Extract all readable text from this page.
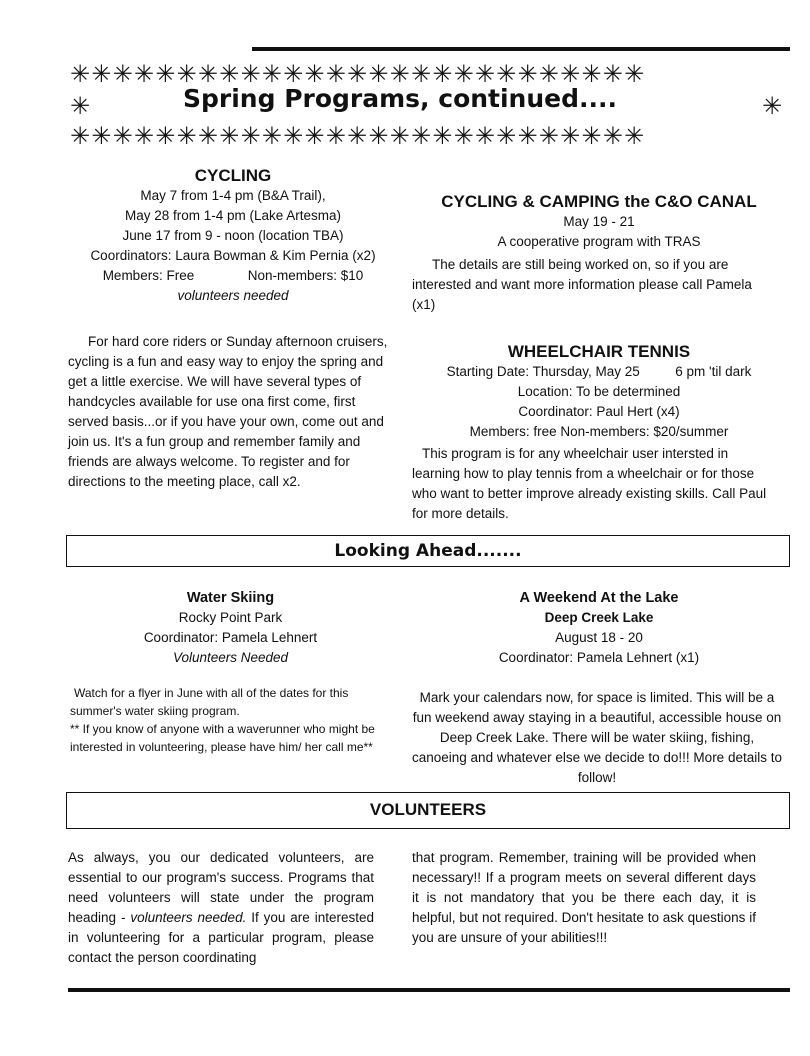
✳✳✳✳✳✳✳✳✳✳✳✳✳✳✳✳✳✳✳✳✳✳✳✳✳✳✳
✳	Spring Programs, continued....	✳
✳✳✳✳✳✳✳✳✳✳✳✳✳✳✳✳✳✳✳✳✳✳✳✳✳✳✳
CYCLING
May 7 from 1-4 pm (B&A Trail),
May 28 from 1-4 pm (Lake Artesma)
June 17 from 9 - noon (location TBA)
Coordinators: Laura Bowman & Kim Pernia (x2)
Members: Free	Non-members: $10
volunteers needed
For hard core riders or Sunday afternoon cruisers, cycling is a fun and easy way to enjoy the spring and get a little exercise. We will have several types of handcycles available for use ona first come, first served basis...or if you have your own, come out and join us. It's a fun group and remember family and friends are always welcome. To register and for directions to the meeting place, call x2.
CYCLING & CAMPING the C&O CANAL
May 19 - 21
A cooperative program with TRAS
The details are still being worked on, so if you are interested and want more information please call Pamela (x1)
WHEELCHAIR TENNIS
Starting Date: Thursday, May 25	6 pm 'til dark
Location: To be determined
Coordinator: Paul Hert (x4)
Members: free Non-members: $20/summer
This program is for any wheelchair user intersted in learning how to play tennis from a wheelchair or for those who want to better improve already existing skills. Call Paul for more details.
Looking Ahead.......
Water Skiing
Rocky Point Park
Coordinator: Pamela Lehnert
Volunteers Needed
Watch for a flyer in June with all of the dates for this summer's water skiing program.
** If you know of anyone with a waverunner who might be interested in volunteering, please have him/ her call me**
A Weekend At the Lake
Deep Creek Lake
August 18 - 20
Coordinator: Pamela Lehnert (x1)
Mark your calendars now, for space is limited. This will be a fun weekend away staying in a beautiful, accessible house on Deep Creek Lake. There will be water skiing, fishing, canoeing and whatever else we decide to do!!! More details to follow!
VOLUNTEERS
As always, you our dedicated volunteers, are essential to our program's success. Programs that need volunteers will state under the program heading - volunteers needed. If you are interested in volunteering for a particular program, please contact the person coordinating
that program. Remember, training will be provided when necessary!! If a program meets on several different days it is not mandatory that you be there each day, it is helpful, but not required. Don't hesitate to ask questions if you are unsure of your abilities!!!
